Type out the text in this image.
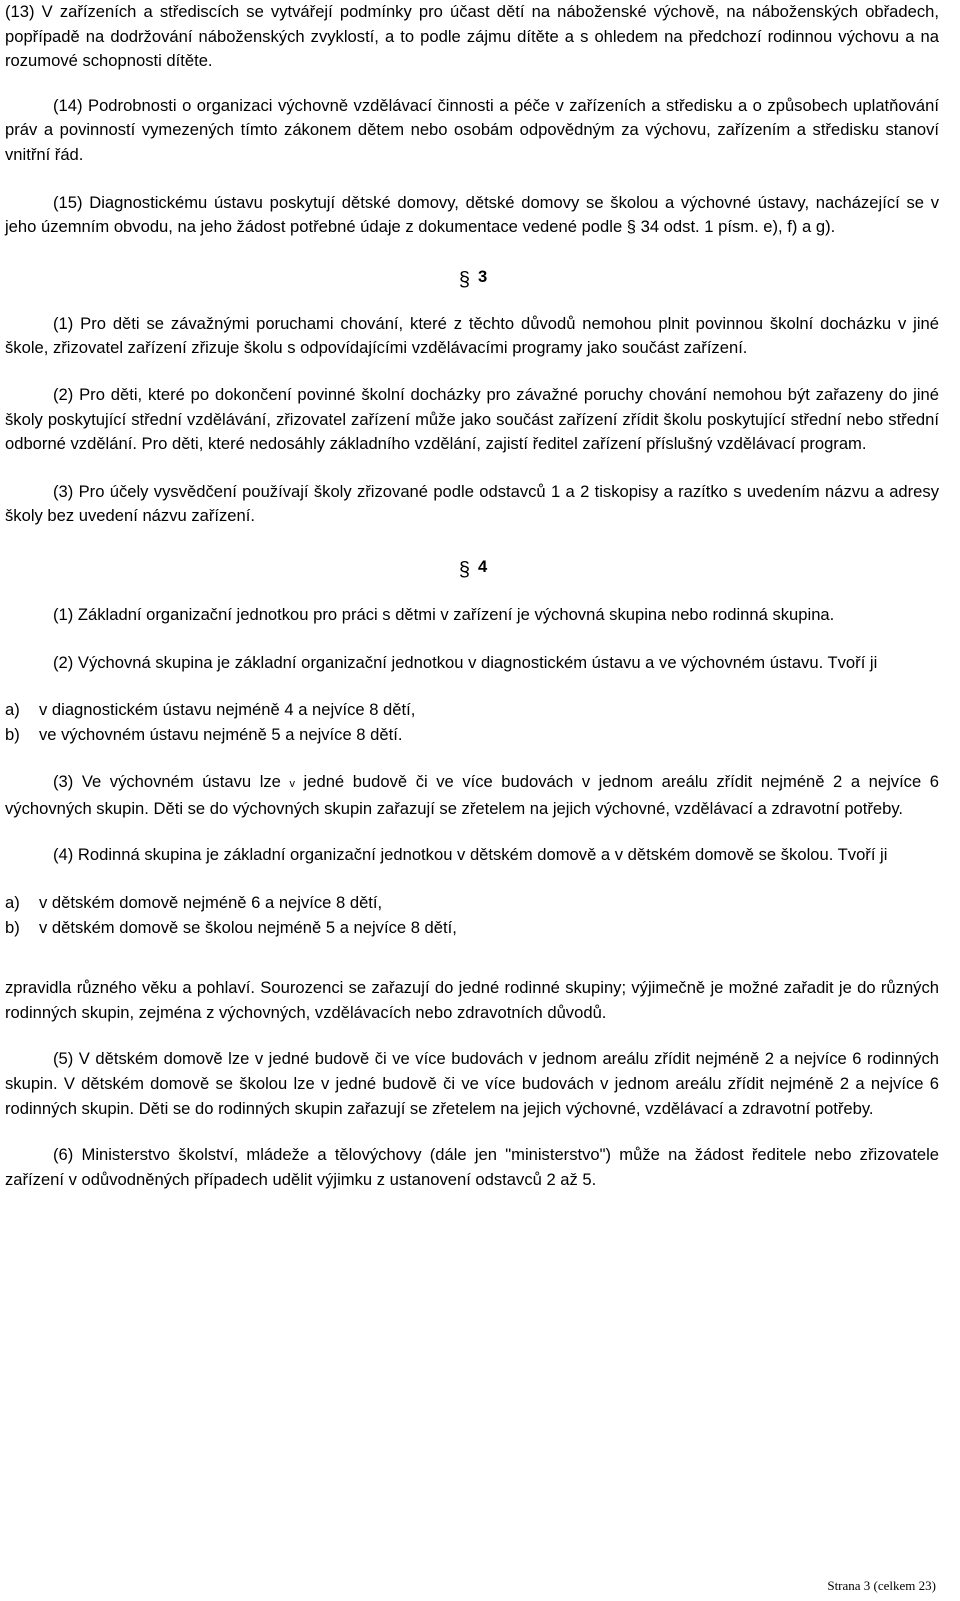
(13) V zařízeních a střediscích se vytvářejí podmínky pro účast dětí na náboženské výchově, na náboženských obřadech, popřípadě na dodržování náboženských zvyklostí, a to podle zájmu dítěte a s ohledem na předchozí rodinnou výchovu a na rozumové schopnosti dítěte.

(14) Podrobnosti o organizaci výchovně vzdělávací činnosti a péče v zařízeních a středisku a o způsobech uplatňování práv a povinností vymezených tímto zákonem dětem nebo osobám odpovědným za výchovu, zařízením a středisku stanoví vnitřní řád.

(15) Diagnostickému ústavu poskytují dětské domovy, dětské domovy se školou a výchovné ústavy, nacházející se v jeho územním obvodu, na jeho žádost potřebné údaje z dokumentace vedené podle § 34 odst. 1 písm. e), f) a g).

§ 3

(1) Pro děti se závažnými poruchami chování, které z těchto důvodů nemohou plnit povinnou školní docházku v jiné škole, zřizovatel zařízení zřizuje školu s odpovídajícími vzdělávacími programy jako součást zařízení.

(2) Pro děti, které po dokončení povinné školní docházky pro závažné poruchy chování nemohou být zařazeny do jiné školy poskytující střední vzdělávání, zřizovatel zařízení může jako součást zařízení zřídit školu poskytující střední nebo střední odborné vzdělání. Pro děti, které nedosáhly základního vzdělání, zajistí ředitel zařízení příslušný vzdělávací program.

(3) Pro účely vysvědčení používají školy zřizované podle odstavců 1 a 2 tiskopisy a razítko s uvedením názvu a adresy školy bez uvedení názvu zařízení.

§ 4

(1) Základní organizační jednotkou pro práci s dětmi v zařízení je výchovná skupina nebo rodinná skupina.

(2) Výchovná skupina je základní organizační jednotkou v diagnostickém ústavu a ve výchovném ústavu. Tvoří ji

a) v diagnostickém ústavu nejméně 4 a nejvíce 8 dětí,

b) ve výchovném ústavu nejméně 5 a nejvíce 8 dětí.

(3) Ve výchovném ústavu lze v jedné budově či ve více budovách v jednom areálu zřídit nejméně 2 a nejvíce 6 výchovných skupin. Děti se do výchovných skupin zařazují se zřetelem na jejich výchovné, vzdělávací a zdravotní potřeby.

(4) Rodinná skupina je základní organizační jednotkou v dětském domově a v dětském domově se školou. Tvoří ji

a) v dětském domově nejméně 6 a nejvíce 8 dětí,

b) v dětském domově se školou nejméně 5 a nejvíce 8 dětí,

zpravidla různého věku a pohlaví. Sourozenci se zařazují do jedné rodinné skupiny; výjimečně je možné zařadit je do různých rodinných skupin, zejména z výchovných, vzdělávacích nebo zdravotních důvodů.

(5) V dětském domově lze v jedné budově či ve více budovách v jednom areálu zřídit nejméně 2 a nejvíce 6 rodinných skupin. V dětském domově se školou lze v jedné budově či ve více budovách v jednom areálu zřídit nejméně 2 a nejvíce 6 rodinných skupin. Děti se do rodinných skupin zařazují se zřetelem na jejich výchovné, vzdělávací a zdravotní potřeby.

(6) Ministerstvo školství, mládeže a tělovýchovy (dále jen "ministerstvo") může na žádost ředitele nebo zřizovatele zařízení v odůvodněných případech udělit výjimku z ustanovení odstavců 2 až 5.

Strana 3 (celkem 23)
